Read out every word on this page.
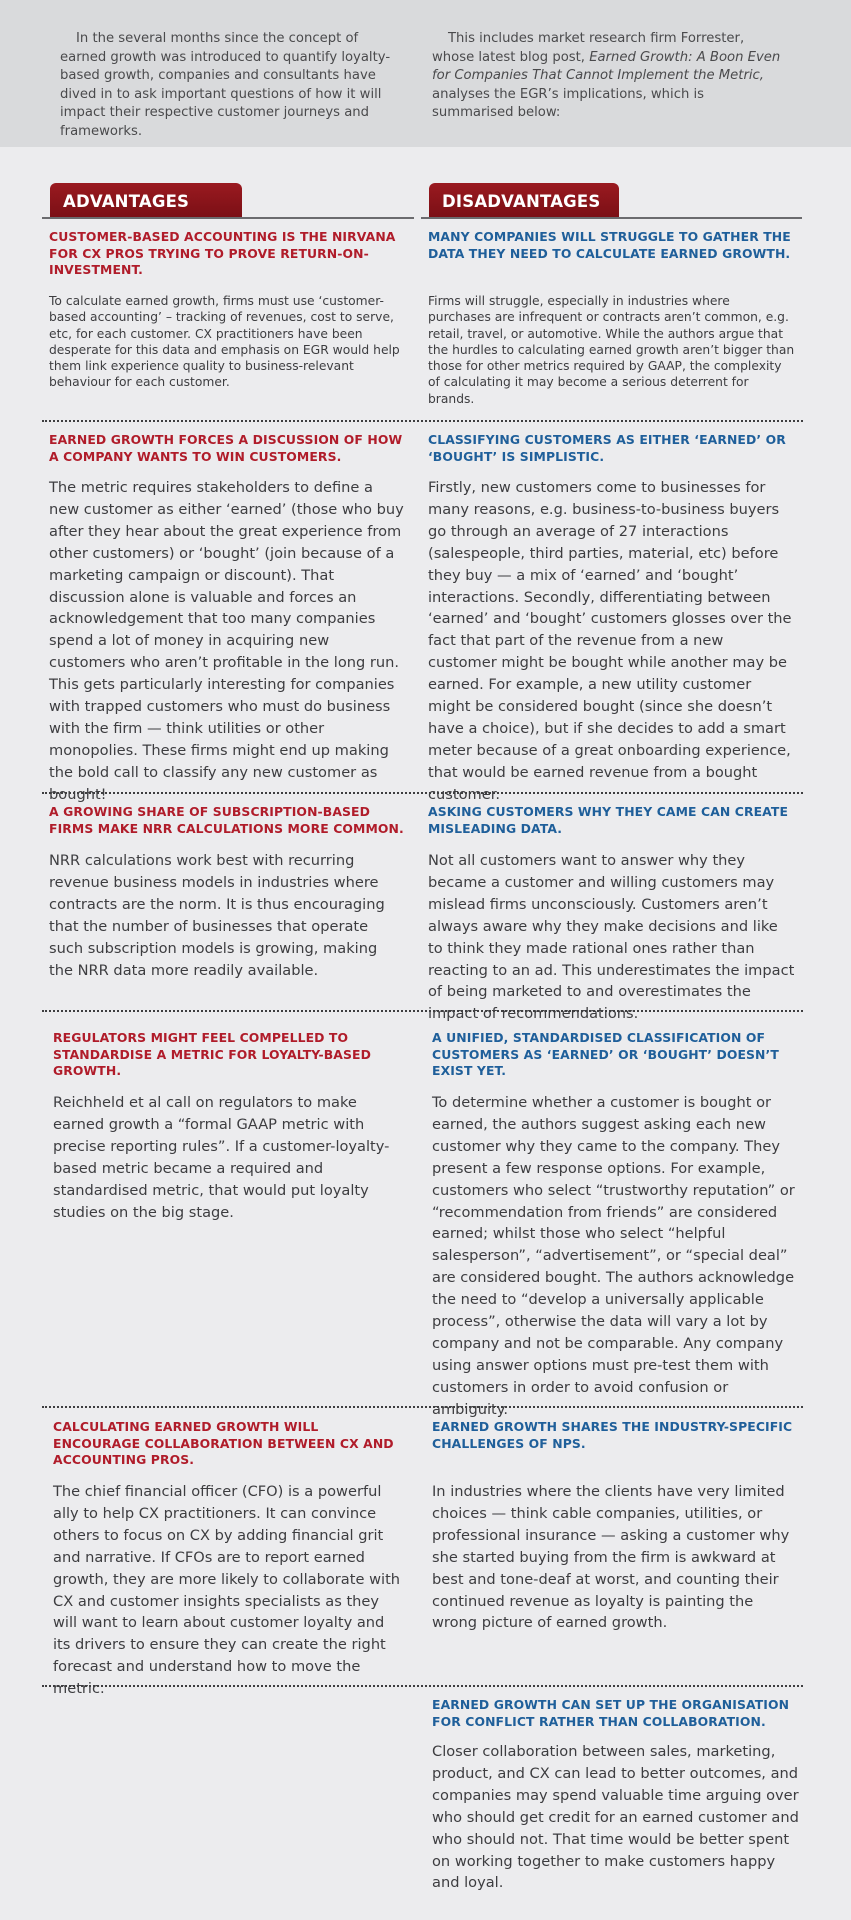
In the several months since the concept of earned growth was introduced to quantify loyalty-based growth, companies and consultants have dived in to ask important questions of how it will impact their respective customer journeys and frameworks.

This includes market research firm Forrester, whose latest blog post, Earned Growth: A Boon Even for Companies That Cannot Implement the Metric, analyses the EGR’s implications, which is summarised below:

ADVANTAGES	DISADVANTAGES
CUSTOMER-BASED ACCOUNTING IS THE NIRVANA FOR CX PROS TRYING TO PROVE RETURN-ON-INVESTMENT.
To calculate earned growth, firms must use ‘customer-based accounting’ – tracking of revenues, cost to serve, etc, for each customer. CX practitioners have been desperate for this data and emphasis on EGR would help them link experience quality to business-relevant behaviour for each customer.
MANY COMPANIES WILL STRUGGLE TO GATHER THE DATA THEY NEED TO CALCULATE EARNED GROWTH.
Firms will struggle, especially in industries where purchases are infrequent or contracts aren’t common, e.g. retail, travel, or automotive. While the authors argue that the hurdles to calculating earned growth aren’t bigger than those for other metrics required by GAAP, the complexity of calculating it may become a serious deterrent for brands.
EARNED GROWTH FORCES A DISCUSSION OF HOW A COMPANY WANTS TO WIN CUSTOMERS.
The metric requires stakeholders to define a new customer as either ‘earned’ (those who buy after they hear about the great experience from other customers) or ‘bought’ (join because of a marketing campaign or discount). That discussion alone is valuable and forces an acknowledgement that too many companies spend a lot of money in acquiring new customers who aren’t profitable in the long run. This gets particularly interesting for companies with trapped customers who must do business with the firm — think utilities or other monopolies. These firms might end up making the bold call to classify any new customer as bought!
CLASSIFYING CUSTOMERS AS EITHER ‘EARNED’ OR ‘BOUGHT’ IS SIMPLISTIC.
Firstly, new customers come to businesses for many reasons, e.g. business-to-business buyers go through an average of 27 interactions (salespeople, third parties, material, etc) before they buy — a mix of ‘earned’ and ‘bought’ interactions. Secondly, differentiating between ‘earned’ and ‘bought’ customers glosses over the fact that part of the revenue from a new customer might be bought while another may be earned. For example, a new utility customer might be considered bought (since she doesn’t have a choice), but if she decides to add a smart meter because of a great onboarding experience, that would be earned revenue from a bought customer.
A GROWING SHARE OF SUBSCRIPTION-BASED FIRMS MAKE NRR CALCULATIONS MORE COMMON.
NRR calculations work best with recurring revenue business models in industries where contracts are the norm. It is thus encouraging that the number of businesses that operate such subscription models is growing, making the NRR data more readily available.
ASKING CUSTOMERS WHY THEY CAME CAN CREATE MISLEADING DATA.
Not all customers want to answer why they became a customer and willing customers may mislead firms unconsciously. Customers aren’t always aware why they make decisions and like to think they made rational ones rather than reacting to an ad. This underestimates the impact of being marketed to and overestimates the impact of recommendations.
REGULATORS MIGHT FEEL COMPELLED TO STANDARDISE A METRIC FOR LOYALTY-BASED GROWTH.
Reichheld et al call on regulators to make earned growth a “formal GAAP metric with precise reporting rules”. If a customer-loyalty-based metric became a required and standardised metric, that would put loyalty studies on the big stage.
A UNIFIED, STANDARDISED CLASSIFICATION OF CUSTOMERS AS ‘EARNED’ OR ‘BOUGHT’ DOESN’T EXIST YET.
To determine whether a customer is bought or earned, the authors suggest asking each new customer why they came to the company. They present a few response options. For example, customers who select “trustworthy reputation” or “recommendation from friends” are considered earned; whilst those who select “helpful salesperson”, “advertisement”, or “special deal” are considered bought. The authors acknowledge the need to “develop a universally applicable process”, otherwise the data will vary a lot by company and not be comparable. Any company using answer options must pre-test them with customers in order to avoid confusion or ambiguity.
CALCULATING EARNED GROWTH WILL ENCOURAGE COLLABORATION BETWEEN CX AND ACCOUNTING PROS.
The chief financial officer (CFO) is a powerful ally to help CX practitioners. It can convince others to focus on CX by adding financial grit and narrative. If CFOs are to report earned growth, they are more likely to collaborate with CX and customer insights specialists as they will want to learn about customer loyalty and its drivers to ensure they can create the right forecast and understand how to move the metric.
EARNED GROWTH SHARES THE INDUSTRY-SPECIFIC CHALLENGES OF NPS.
In industries where the clients have very limited choices — think cable companies, utilities, or professional insurance — asking a customer why she started buying from the firm is awkward at best and tone-deaf at worst, and counting their continued revenue as loyalty is painting the wrong picture of earned growth.
EARNED GROWTH CAN SET UP THE ORGANISATION FOR CONFLICT RATHER THAN COLLABORATION.
Closer collaboration between sales, marketing, product, and CX can lead to better outcomes, and companies may spend valuable time arguing over who should get credit for an earned customer and who should not. That time would be better spent on working together to make customers happy and loyal.
